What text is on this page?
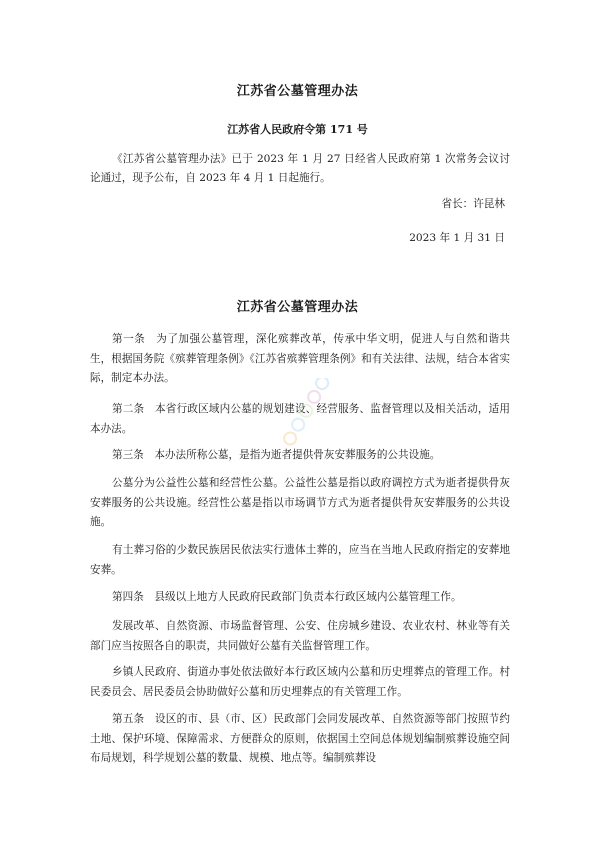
江苏省公墓管理办法
江苏省人民政府令第 171 号
《江苏省公墓管理办法》已于 2023 年 1 月 27 日经省人民政府第 1 次常务会议讨论通过，现予公布，自 2023 年 4 月 1 日起施行。
省长：许昆林
2023 年 1 月 31 日
江苏省公墓管理办法
第一条　为了加强公墓管理，深化殡葬改革，传承中华文明，促进人与自然和谐共生，根据国务院《殡葬管理条例》《江苏省殡葬管理条例》和有关法律、法规，结合本省实际，制定本办法。
第二条　本省行政区域内公墓的规划建设、经营服务、监督管理以及相关活动，适用本办法。
第三条　本办法所称公墓，是指为逝者提供骨灰安葬服务的公共设施。
公墓分为公益性公墓和经营性公墓。公益性公墓是指以政府调控方式为逝者提供骨灰安葬服务的公共设施。经营性公墓是指以市场调节方式为逝者提供骨灰安葬服务的公共设施。
有土葬习俗的少数民族居民依法实行遗体土葬的，应当在当地人民政府指定的安葬地安葬。
第四条　县级以上地方人民政府民政部门负责本行政区域内公墓管理工作。
发展改革、自然资源、市场监督管理、公安、住房城乡建设、农业农村、林业等有关部门应当按照各自的职责，共同做好公墓有关监督管理工作。
乡镇人民政府、街道办事处依法做好本行政区域内公墓和历史埋葬点的管理工作。村民委员会、居民委员会协助做好公墓和历史埋葬点的有关管理工作。
第五条　设区的市、县（市、区）民政部门会同发展改革、自然资源等部门按照节约土地、保护环境、保障需求、方便群众的原则，依据国土空间总体规划编制殡葬设施空间布局规划，科学规划公墓的数量、规模、地点等。编制殡葬设
